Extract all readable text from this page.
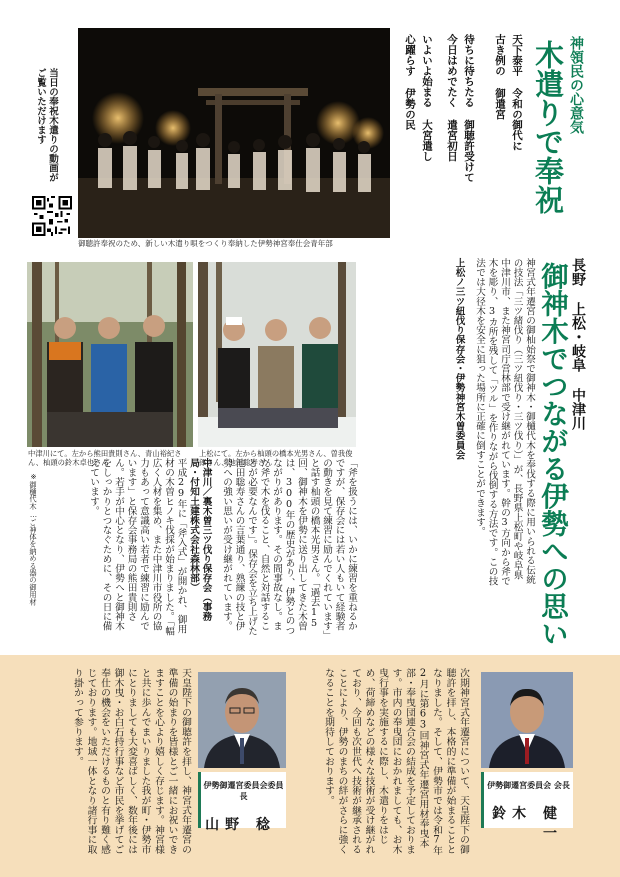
御聴許奉祝のため、新しい木遣り唄をつくり奉納した伊勢神宮奉仕会青年部
当日の奉祝木遣りの動画がご覧いただけます	天下泰平 令和の御代に
古き例の 御遣宮
待ちに待ちたる 御聴許受けて
今日はめでたく 遣宮初日
いよいよ始まる 大宮遣し
心躍らす 伊勢の民	神領民の心意気
木遣りで奉祝
中津川にて。左から熊田貴則さん、青山裕紀さん、杣頭の鈴木卓也さん
上松にて。左から杣頭の橋本光男さん、曽我俊郎さん、池田聡寿さん
長野 上松・岐阜 中津川
御神木でつながる伊勢への思い

神宮式年遷宮の御杣始祭で御神木・御樋代木を奉伐する際に用いられる伝統の技法「三ツ緒伐り（三ツ紐伐り・三ツ伐り）」が、長野県上松町や岐阜県中津川市、また神宮司庁営林部で受け継がれています。幹の3方向から斧で木を彫り、3カ所を残して「ツル」を作りながら伐倒する方法です。この技法では大径木を安全に狙った場所に正確に倒すことができます。

上松ノ三ツ紐伐り保存会・伊勢神宮木曽委員会

「斧を扱うには、いかに練習を重ねるかですが、保存会には若い人もいて経験者の動きを見て練習に励んでくれています」と話す杣頭の橋本光男さん。「過去15回、御神木を伊勢に送り出してきた木曽は、300年の歴史があり、伊勢とのつながりがあります。その間事故なし。また斧で木を伐ること、自然と対話することが必要なんです」。保存会を立ち上げた池田聡寿さんの言葉通り、熟練の技と伊勢への強い思いが受け継がれています。

中津川／裏木曽三ツ伐り保存会（事務局・付知土建株式会社森林部）

平成29年に「斧入式」が開かれ、御用材の木曽ヒノキ伐採が始まりました。「幅広く人材を集め、また中津川市役所の協力もあって意識高い若者で練習に励んでいます」と保存会事務局の熊田貴則さん。若手が中心となり、伊勢へと御神木をしっかりとつなぐために、その日に備えています。

※御樋代木…ご神体を納める器の御用材
伊勢御遷宮委員会 会長
鈴木 健一
次期神宮式年遷宮について、天皇陛下の御聴許を拝し、本格的に準備が始まることとなりました。そして、伊勢市では令和7年2月に第63回神宮式年遷宮用材奉曳本部・奉曳団連合会の結成を予定しております。市内の奉曳団におかれましても、お木曳行事を実施するに際し、木遣りをはじめ、荷締めなどの様々な技術が受け継がれており、今回も次世代へ技術が継承されることにより、伊勢のまちの絆がさらに強くなることを期待しております。
伊勢御遷宮委員会委員長
山野 稔
天皇陛下の御聴許を拝し、神宮式年遷宮の準備の始まりを皆様とご一緒にお祝いできますことを心より嬉しく存じます。神宮様と共に歩んでまいりました我が町・伊勢市にとりましても大変喜ばしく、数年後には御木曳・お白石持行事など市民を挙げてご奉仕の機会をいただけるものと有り難く感じております。地域一体となり諸行事に取り掛かって参ります。
